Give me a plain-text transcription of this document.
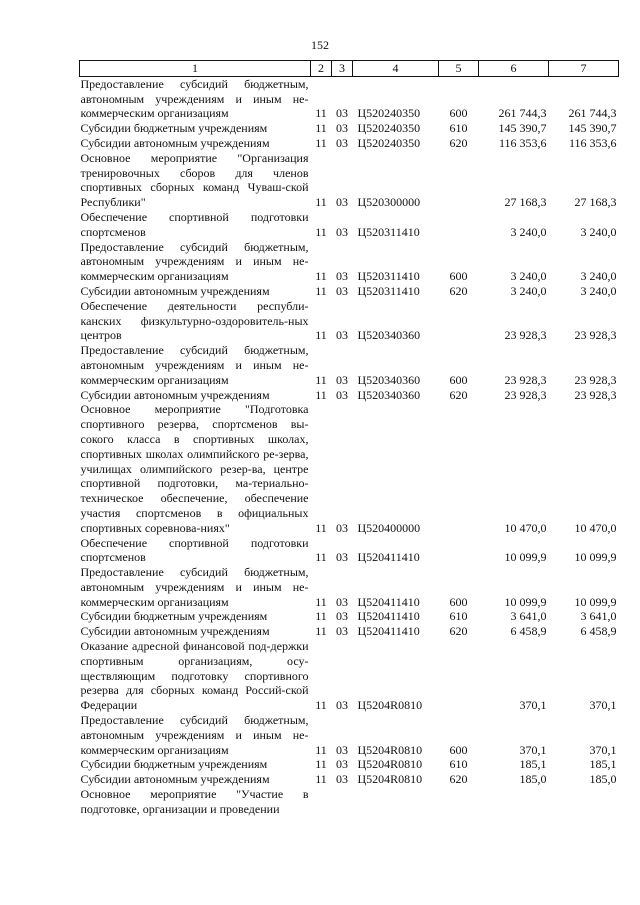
152
1	2	3	4	5	6	7
Предоставление субсидий бюджетным, автономным учреждениям и иным не-коммерческим организациям	11	03	Ц520240350	600	261 744,3	261 744,3
Субсидии бюджетным учреждениям	11	03	Ц520240350	610	145 390,7	145 390,7
Субсидии автономным учреждениям	11	03	Ц520240350	620	116 353,6	116 353,6
Основное мероприятие "Организация тренировочных сборов для членов спортивных сборных команд Чуваш-ской Республики"	11	03	Ц520300000		27 168,3	27 168,3
Обеспечение спортивной подготовки спортсменов	11	03	Ц520311410		3 240,0	3 240,0
Предоставление субсидий бюджетным, автономным учреждениям и иным не-коммерческим организациям	11	03	Ц520311410	600	3 240,0	3 240,0
Субсидии автономным учреждениям	11	03	Ц520311410	620	3 240,0	3 240,0
Обеспечение деятельности республи-канских физкультурно-оздоровитель-ных центров	11	03	Ц520340360		23 928,3	23 928,3
Предоставление субсидий бюджетным, автономным учреждениям и иным не-коммерческим организациям	11	03	Ц520340360	600	23 928,3	23 928,3
Субсидии автономным учреждениям	11	03	Ц520340360	620	23 928,3	23 928,3
Основное мероприятие "Подготовка спортивного резерва, спортсменов вы-сокого класса в спортивных школах, спортивных школах олимпийского ре-зерва, училищах олимпийского резер-ва, центре спортивной подготовки, ма-териально-техническое обеспечение, обеспечение участия спортсменов в официальных спортивных соревнова-ниях"	11	03	Ц520400000		10 470,0	10 470,0
Обеспечение спортивной подготовки спортсменов	11	03	Ц520411410		10 099,9	10 099,9
Предоставление субсидий бюджетным, автономным учреждениям и иным не-коммерческим организациям	11	03	Ц520411410	600	10 099,9	10 099,9
Субсидии бюджетным учреждениям	11	03	Ц520411410	610	3 641,0	3 641,0
Субсидии автономным учреждениям	11	03	Ц520411410	620	6 458,9	6 458,9
Оказание адресной финансовой под-держки спортивным организациям, осу-ществляющим подготовку спортивного резерва для сборных команд Россий-ской Федерации	11	03	Ц5204R0810		370,1	370,1
Предоставление субсидий бюджетным, автономным учреждениям и иным не-коммерческим организациям	11	03	Ц5204R0810	600	370,1	370,1
Субсидии бюджетным учреждениям	11	03	Ц5204R0810	610	185,1	185,1
Субсидии автономным учреждениям	11	03	Ц5204R0810	620	185,0	185,0
Основное мероприятие "Участие в подготовке, организации и проведении						
